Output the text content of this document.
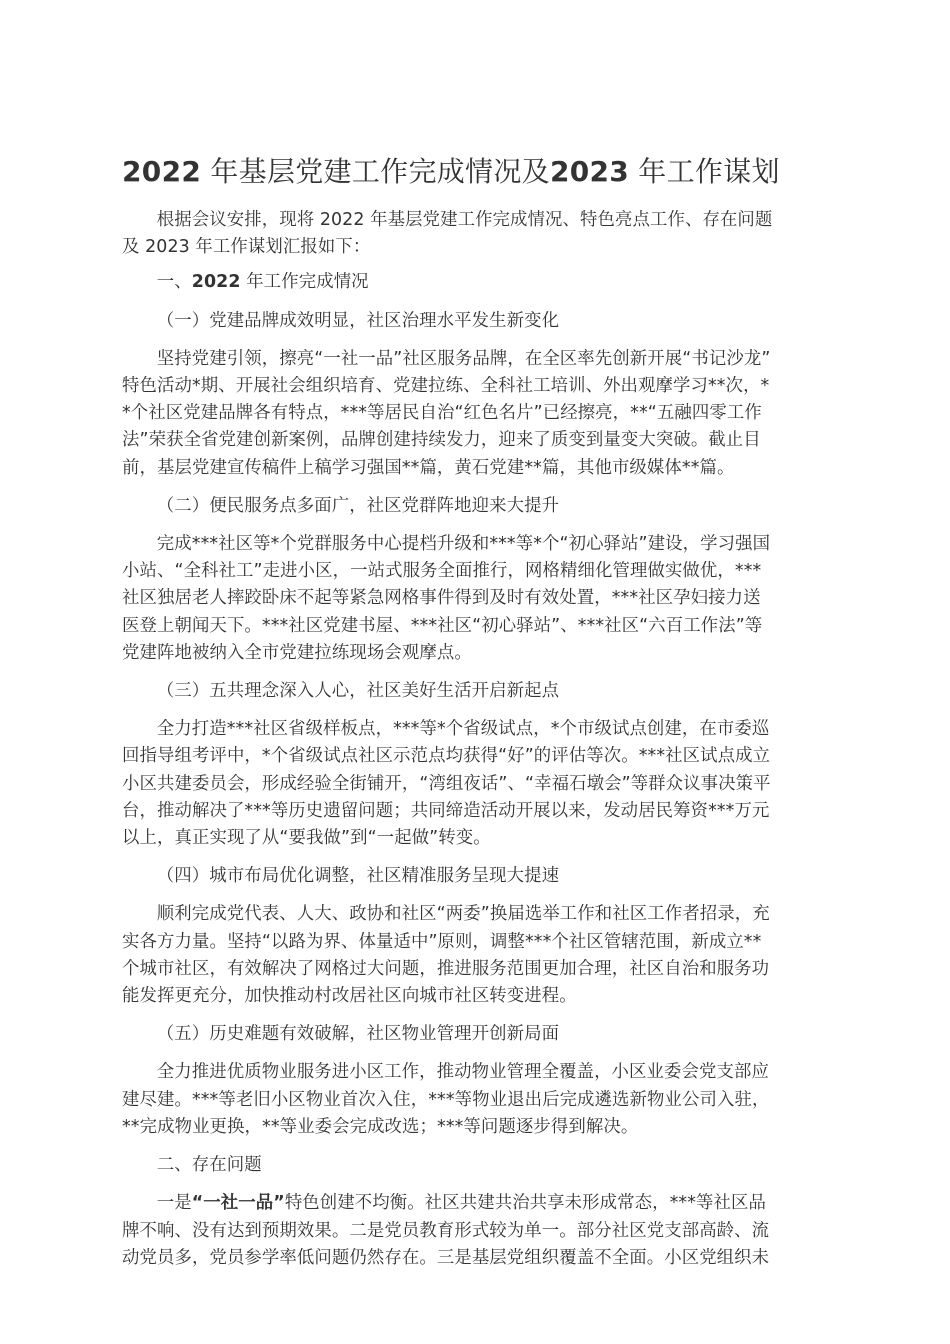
2022 年基层党建工作完成情况及2023 年工作谋划
根据会议安排，现将 2022 年基层党建工作完成情况、特色亮点工作、存在问题
及 2023 年工作谋划汇报如下：
一、2022 年工作完成情况
（一）党建品牌成效明显，社区治理水平发生新变化
坚持党建引领，擦亮“一社一品”社区服务品牌，在全区率先创新开展“书记沙龙”
特色活动*期、开展社会组织培育、党建拉练、全科社工培训、外出观摩学习**次，*
*个社区党建品牌各有特点，***等居民自治“红色名片”已经擦亮，**“五融四零工作
法”荣获全省党建创新案例，品牌创建持续发力，迎来了质变到量变大突破。截止目
前，基层党建宣传稿件上稿学习强国**篇，黄石党建**篇，其他市级媒体**篇。
（二）便民服务点多面广，社区党群阵地迎来大提升
完成***社区等*个党群服务中心提档升级和***等*个“初心驿站”建设，学习强国
小站、“全科社工”走进小区，一站式服务全面推行，网格精细化管理做实做优，***
社区独居老人摔跤卧床不起等紧急网格事件得到及时有效处置，***社区孕妇接力送
医登上朝闻天下。***社区党建书屋、***社区“初心驿站”、***社区“六百工作法”等
党建阵地被纳入全市党建拉练现场会观摩点。
（三）五共理念深入人心，社区美好生活开启新起点
全力打造***社区省级样板点，***等*个省级试点，*个市级试点创建，在市委巡
回指导组考评中，*个省级试点社区示范点均获得“好”的评估等次。***社区试点成立
小区共建委员会，形成经验全街铺开，“湾组夜话”、“幸福石墩会”等群众议事决策平
台，推动解决了***等历史遗留问题；共同缔造活动开展以来，发动居民筹资***万元
以上，真正实现了从“要我做”到“一起做”转变。
（四）城市布局优化调整，社区精准服务呈现大提速
顺利完成党代表、人大、政协和社区“两委”换届选举工作和社区工作者招录，充
实各方力量。坚持“以路为界、体量适中”原则，调整***个社区管辖范围，新成立**
个城市社区，有效解决了网格过大问题，推进服务范围更加合理，社区自治和服务功
能发挥更充分，加快推动村改居社区向城市社区转变进程。
（五）历史难题有效破解，社区物业管理开创新局面
全力推进优质物业服务进小区工作，推动物业管理全覆盖，小区业委会党支部应
建尽建。***等老旧小区物业首次入住，***等物业退出后完成遴选新物业公司入驻，
**完成物业更换，**等业委会完成改选；***等问题逐步得到解决。
二、存在问题
一是“一社一品”特色创建不均衡。社区共建共治共享未形成常态，***等社区品
牌不响、没有达到预期效果。二是党员教育形式较为单一。部分社区党支部高龄、流
动党员多，党员参学率低问题仍然存在。三是基层党组织覆盖不全面。小区党组织未
